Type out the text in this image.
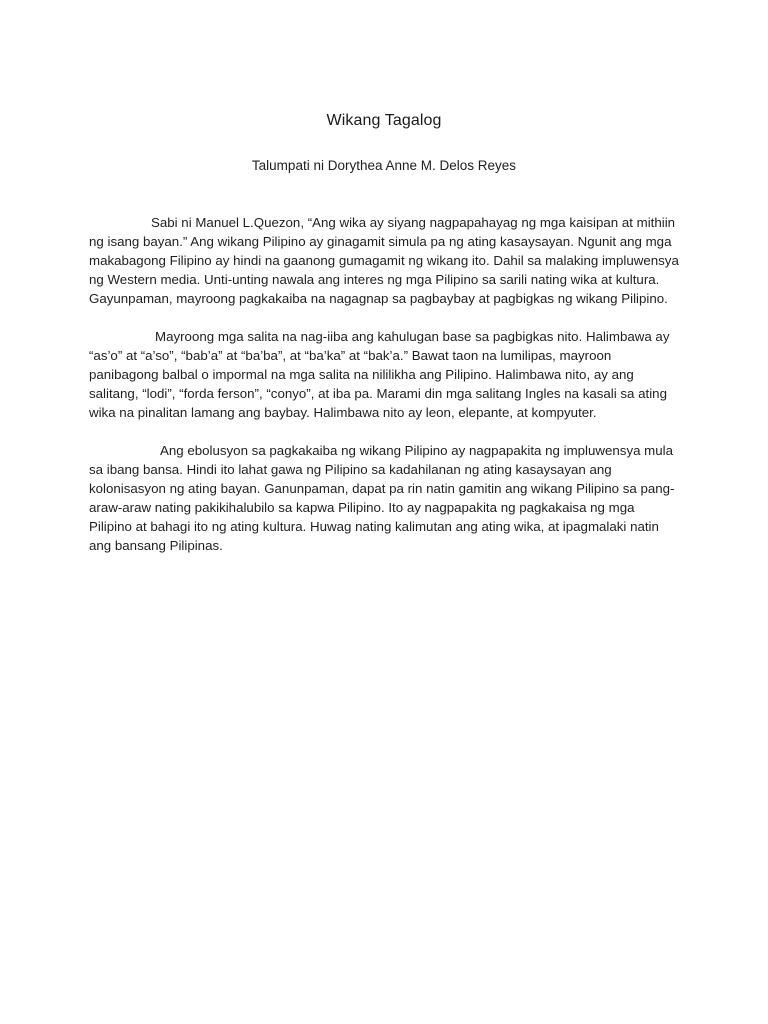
Wikang Tagalog
Talumpati ni Dorythea Anne M. Delos Reyes

Sabi ni Manuel L.Quezon, “Ang wika ay siyang nagpapahayag ng mga kaisipan at mithiin ng isang bayan.” Ang wikang Pilipino ay ginagamit simula pa ng ating kasaysayan. Ngunit ang mga makabagong Filipino ay hindi na gaanong gumagamit ng wikang ito. Dahil sa malaking impluwensya ng Western media. Unti-unting nawala ang interes ng mga Pilipino sa sarili nating wika at kultura. Gayunpaman, mayroong pagkakaiba na nagagnap sa pagbaybay at pagbigkas ng wikang Pilipino.

Mayroong mga salita na nag-iiba ang kahulugan base sa pagbigkas nito. Halimbawa ay “as’o” at “a’so”, “bab’a” at “ba’ba”, at “ba’ka” at “bak’a.” Bawat taon na lumilipas, mayroon panibagong balbal o impormal na mga salita na nililikha ang Pilipino. Halimbawa nito, ay ang salitang, “lodi”, “forda ferson”, “conyo”, at iba pa. Marami din mga salitang Ingles na kasali sa ating wika na pinalitan lamang ang baybay. Halimbawa nito ay leon, elepante, at kompyuter.

Ang ebolusyon sa pagkakaiba ng wikang Pilipino ay nagpapakita ng impluwensya mula sa ibang bansa. Hindi ito lahat gawa ng Pilipino sa kadahilanan ng ating kasaysayan ang kolonisasyon ng ating bayan. Ganunpaman, dapat pa rin natin gamitin ang wikang Pilipino sa pang-araw-araw nating pakikihalubilo sa kapwa Pilipino. Ito ay nagpapakita ng pagkakaisa ng mga Pilipino at bahagi ito ng ating kultura. Huwag nating kalimutan ang ating wika, at ipagmalaki natin ang bansang Pilipinas.
